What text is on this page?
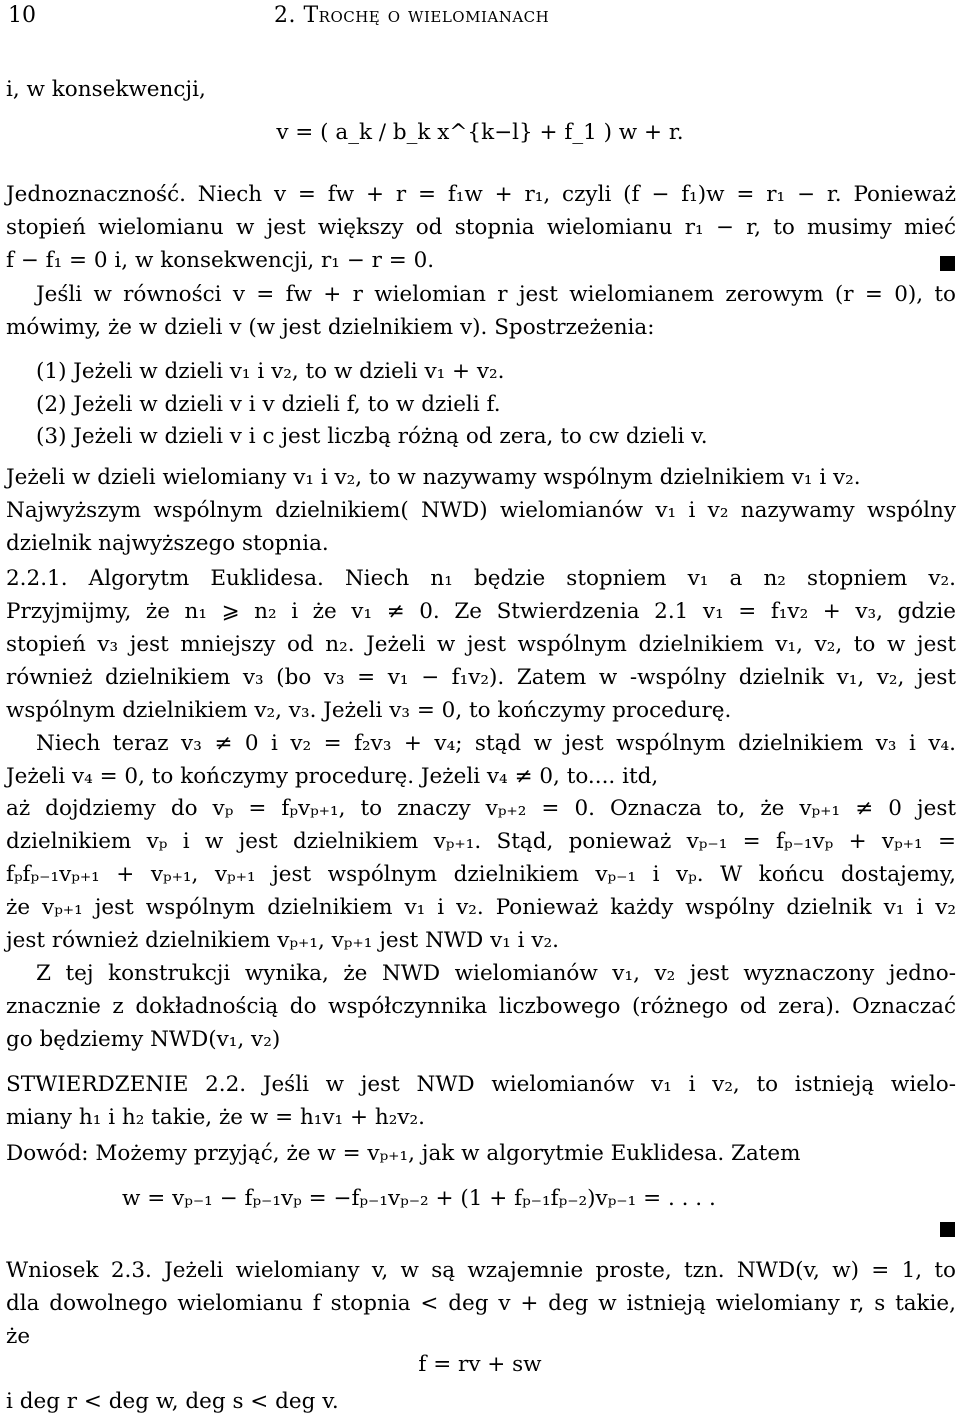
10	2. Trochę o wielomianach
i, w konsekwencji,
v = ( a_k / b_k x^{k−l} + f_1 ) w + r.
Jednoznaczność. Niech v = fw + r = f₁w + r₁, czyli (f − f₁)w = r₁ − r. Ponieważ
stopień wielomianu w jest większy od stopnia wielomianu r₁ − r, to musimy mieć
f − f₁ = 0 i, w konsekwencji, r₁ − r = 0.
Jeśli w równości v = fw + r wielomian r jest wielomianem zerowym (r = 0), to
mówimy, że w dzieli v (w jest dzielnikiem v). Spostrzeżenia:
(1) Jeżeli w dzieli v₁ i v₂, to w dzieli v₁ + v₂.
(2) Jeżeli w dzieli v i v dzieli f, to w dzieli f.
(3) Jeżeli w dzieli v i c jest liczbą różną od zera, to cw dzieli v.
Jeżeli w dzieli wielomiany v₁ i v₂, to w nazywamy wspólnym dzielnikiem v₁ i v₂.
Najwyższym wspólnym dzielnikiem( NWD) wielomianów v₁ i v₂ nazywamy wspólny
dzielnik najwyższego stopnia.
2.2.1. Algorytm Euklidesa. Niech n₁ będzie stopniem v₁ a n₂ stopniem v₂.
Przyjmijmy, że n₁ ⩾ n₂ i że v₁ ≠ 0. Ze Stwierdzenia 2.1 v₁ = f₁v₂ + v₃, gdzie
stopień v₃ jest mniejszy od n₂. Jeżeli w jest wspólnym dzielnikiem v₁, v₂, to w jest
również dzielnikiem v₃ (bo v₃ = v₁ − f₁v₂). Zatem w -wspólny dzielnik v₁, v₂, jest
wspólnym dzielnikiem v₂, v₃. Jeżeli v₃ = 0, to kończymy procedurę.
Niech teraz v₃ ≠ 0 i v₂ = f₂v₃ + v₄; stąd w jest wspólnym dzielnikiem v₃ i v₄.
Jeżeli v₄ = 0, to kończymy procedurę. Jeżeli v₄ ≠ 0, to.... itd,
aż dojdziemy do vₚ = fₚvₚ₊₁, to znaczy vₚ₊₂ = 0. Oznacza to, że vₚ₊₁ ≠ 0 jest
dzielnikiem vₚ i w jest dzielnikiem vₚ₊₁. Stąd, ponieważ vₚ₋₁ = fₚ₋₁vₚ + vₚ₊₁ =
fₚfₚ₋₁vₚ₊₁ + vₚ₊₁, vₚ₊₁ jest wspólnym dzielnikiem vₚ₋₁ i vₚ. W końcu dostajemy,
że vₚ₊₁ jest wspólnym dzielnikiem v₁ i v₂. Ponieważ każdy wspólny dzielnik v₁ i v₂
jest również dzielnikiem vₚ₊₁, vₚ₊₁ jest NWD v₁ i v₂.
Z tej konstrukcji wynika, że NWD wielomianów v₁, v₂ jest wyznaczony jedno-
znacznie z dokładnością do współczynnika liczbowego (różnego od zera). Oznaczać
go będziemy NWD(v₁, v₂)
STWIERDZENIE 2.2. Jeśli w jest NWD wielomianów v₁ i v₂, to istnieją wielo-
miany h₁ i h₂ takie, że w = h₁v₁ + h₂v₂.
Dowód: Możemy przyjąć, że w = vₚ₊₁, jak w algorytmie Euklidesa. Zatem
w = vₚ₋₁ − fₚ₋₁vₚ = −fₚ₋₁vₚ₋₂ + (1 + fₚ₋₁fₚ₋₂)vₚ₋₁ = . . . .
Wniosek 2.3. Jeżeli wielomiany v, w są wzajemnie proste, tzn. NWD(v, w) = 1, to
dla dowolnego wielomianu f stopnia < deg v + deg w istnieją wielomiany r, s takie,
że
f = rv + sw
i deg r < deg w, deg s < deg v.
